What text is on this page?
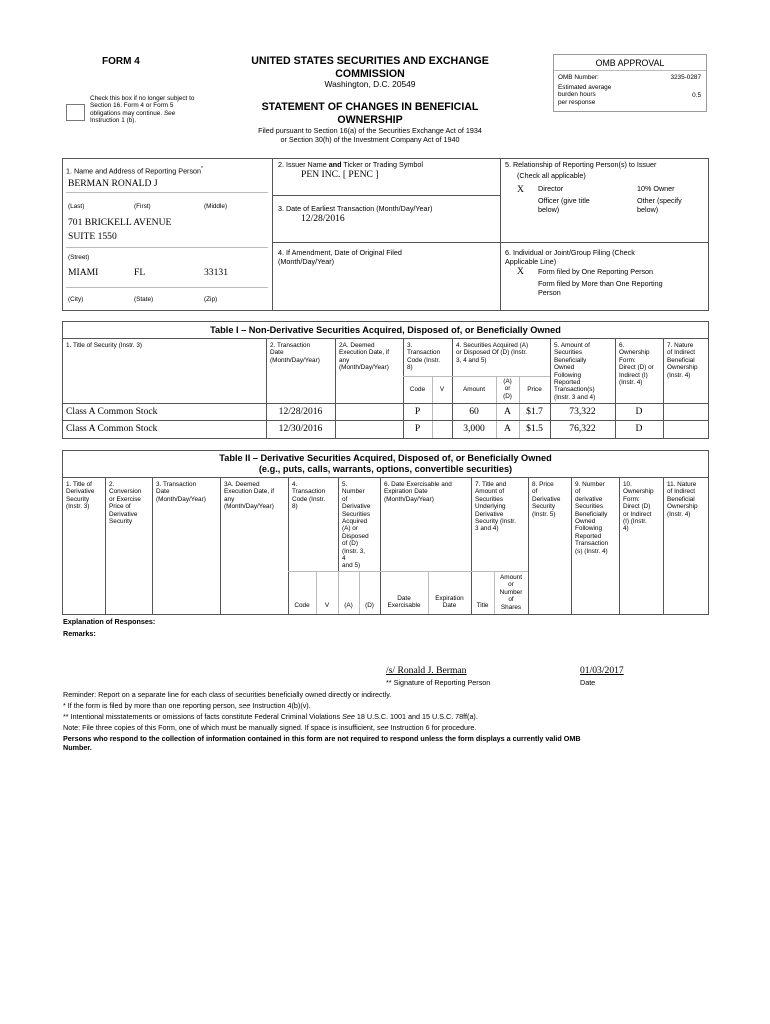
FORM 4
Check this box if no longer subject to Section 16. Form 4 or Form 5 obligations may continue. See Instruction 1 (b).
UNITED STATES SECURITIES AND EXCHANGE
COMMISSION
Washington, D.C. 20549
STATEMENT OF CHANGES IN BENEFICIAL
OWNERSHIP
Filed pursuant to Section 16(a) of the Securities Exchange Act of 1934
or Section 30(h) of the Investment Company Act of 1940
OMB APPROVAL
OMB Number:	3235-0287
Estimated average
burden hours
per response
0.5
1. Name and Address of Reporting Person*
BERMAN RONALD J
(Last)	(First)	(Middle)
701 BRICKELL AVENUE
SUITE 1550
(Street)
MIAMI	FL	33131
(City)	(State)	(Zip)
2. Issuer Name and Ticker or Trading Symbol
PEN INC. [ PENC ]
3. Date of Earliest Transaction (Month/Day/Year)
12/28/2016
4. If Amendment, Date of Original Filed
(Month/Day/Year)
5. Relationship of Reporting Person(s) to Issuer
(Check all applicable)
X Director	10% Owner
Officer (give title
below)
Other (specify
below)
6. Individual or Joint/Group Filing (Check
Applicable Line)
X Form filed by One Reporting Person
Form filed by More than One Reporting
Person
Table I – Non-Derivative Securities Acquired, Disposed of, or Beneficially Owned
1. Title of Security (Instr. 3)	2. Transaction
Date
(Month/Day/Year)
2A. Deemed
Execution Date, if
any
(Month/Day/Year)
3.
Transaction
Code (Instr.
8)
4. Securities Acquired (A)
or Disposed Of (D) (Instr.
3, 4 and 5)
5. Amount of
Securities
Beneficially
Owned
Following
Reported
Transaction(s)
(Instr. 3 and 4)
6.
Ownership
Form:
Direct (D) or
Indirect (I)
(Instr. 4)
7. Nature
of Indirect
Beneficial
Ownership
(Instr. 4)
Code	V	Amount
(A)
or
(D)
Price
Class A Common Stock	12/28/2016	P	60	A	$1.7	73,322	D
Class A Common Stock	12/30/2016	P	3,000	A	$1.5	76,322	D
Table II – Derivative Securities Acquired, Disposed of, or Beneficially Owned
(e.g., puts, calls, warrants, options, convertible securities)
1. Title of
Derivative
Security
(Instr. 3)
2.
Conversion
or Exercise
Price of
Derivative
Security
3. Transaction
Date
(Month/Day/Year)
3A. Deemed
Execution Date, if
any
(Month/Day/Year)
4.
Transaction
Code (Instr.
8)
5.
Number
of
Derivative
Securities
Acquired
(A) or
Disposed
of (D)
(Instr. 3,
4
and 5)
6. Date Exercisable and
Expiration Date
(Month/Day/Year)
7. Title and
Amount of
Securities
Underlying
Derivative
Security (Instr.
3 and 4)
8. Price
of
Derivative
Security
(Instr. 5)
9. Number
of
derivative
Securities
Beneficially
Owned
Following
Reported
Transaction
(s) (Instr. 4)
10.
Ownership
Form:
Direct (D)
or Indirect
(I) (Instr.
4)
11. Nature
of Indirect
Beneficial
Ownership
(Instr. 4)
Code	V	(A)	(D)
Date
Exercisable
Expiration
Date	Title
Amount
or
Number
of
Shares
Explanation of Responses:
Remarks:
/s/ Ronald J. Berman	01/03/2017
** Signature of Reporting Person	Date
Reminder: Report on a separate line for each class of securities beneficially owned directly or indirectly.
* If the form is filed by more than one reporting person, see Instruction 4(b)(v).
** Intentional misstatements or omissions of facts constitute Federal Criminal Violations See 18 U.S.C. 1001 and 15 U.S.C. 78ff(a).
Note: File three copies of this Form, one of which must be manually signed. If space is insufficient, see Instruction 6 for procedure.
Persons who respond to the collection of information contained in this form are not required to respond unless the form displays a currently valid OMB
Number.
